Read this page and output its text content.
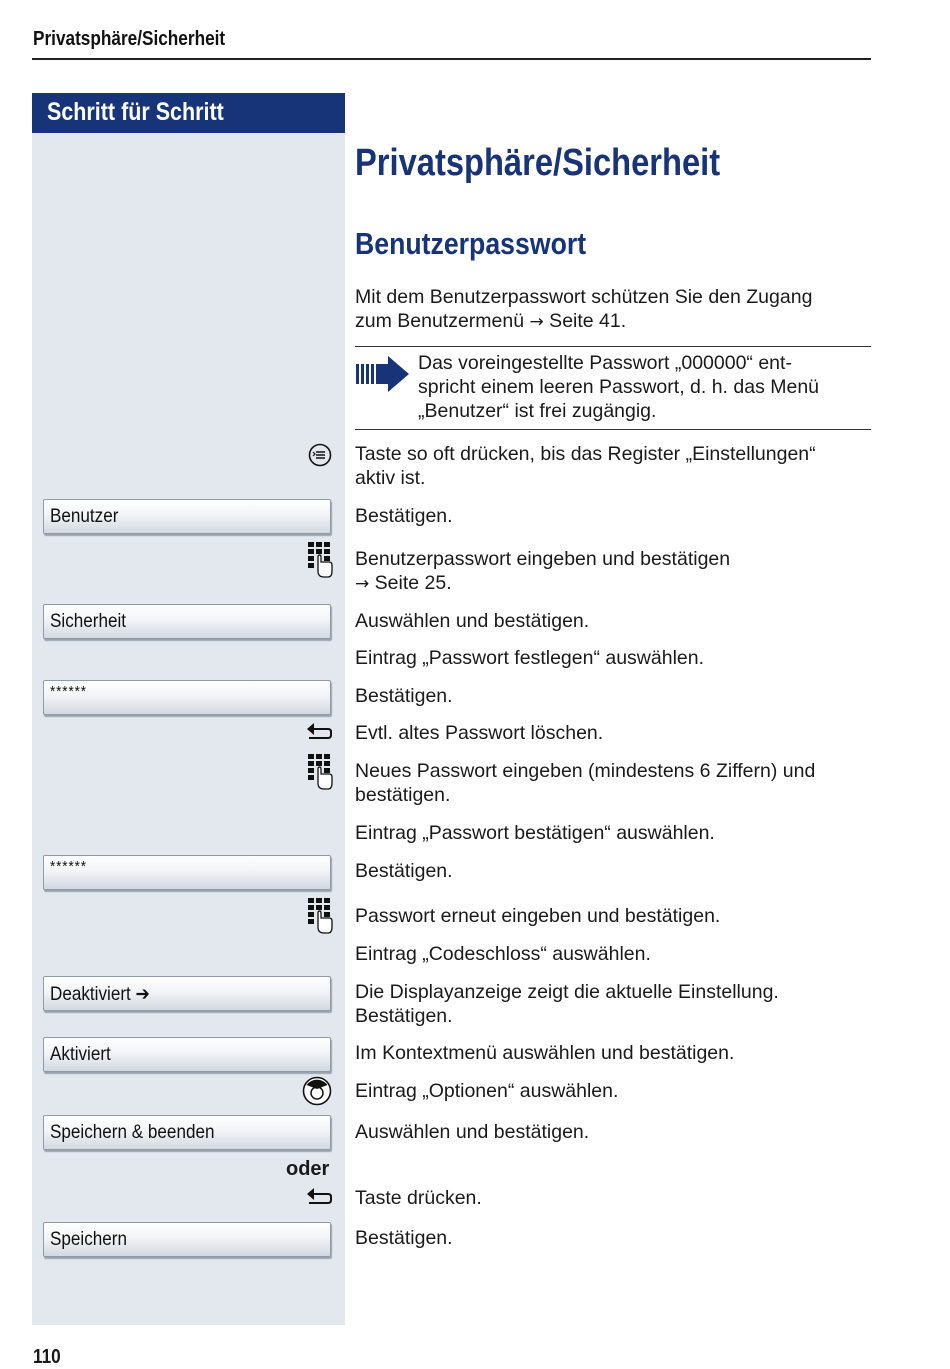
Privatsphäre/Sicherheit
Schritt für Schritt
Privatsphäre/Sicherheit
Benutzerpasswort
Mit dem Benutzerpasswort schützen Sie den Zugang
zum Benutzermenü → Seite 41.
Das voreingestellte Passwort „000000“ ent-
spricht einem leeren Passwort, d. h. das Menü
„Benutzer“ ist frei zugängig.
Taste so oft drücken, bis das Register „Einstellungen“
aktiv ist.
Benutzer	Bestätigen.
Benutzerpasswort eingeben und bestätigen
→ Seite 25.
Sicherheit	Auswählen und bestätigen.
Eintrag „Passwort festlegen“ auswählen.
******	Bestätigen.
Evtl. altes Passwort löschen.
Neues Passwort eingeben (mindestens 6 Ziffern) und
bestätigen.
Eintrag „Passwort bestätigen“ auswählen.
******	Bestätigen.
Passwort erneut eingeben und bestätigen.
Eintrag „Codeschloss“ auswählen.
Deaktiviert ➔	Die Displayanzeige zeigt die aktuelle Einstellung.
Bestätigen.
Aktiviert	Im Kontextmenü auswählen und bestätigen.
Eintrag „Optionen“ auswählen.
Speichern & beenden	Auswählen und bestätigen.
oder
Taste drücken.
Speichern	Bestätigen.
110
